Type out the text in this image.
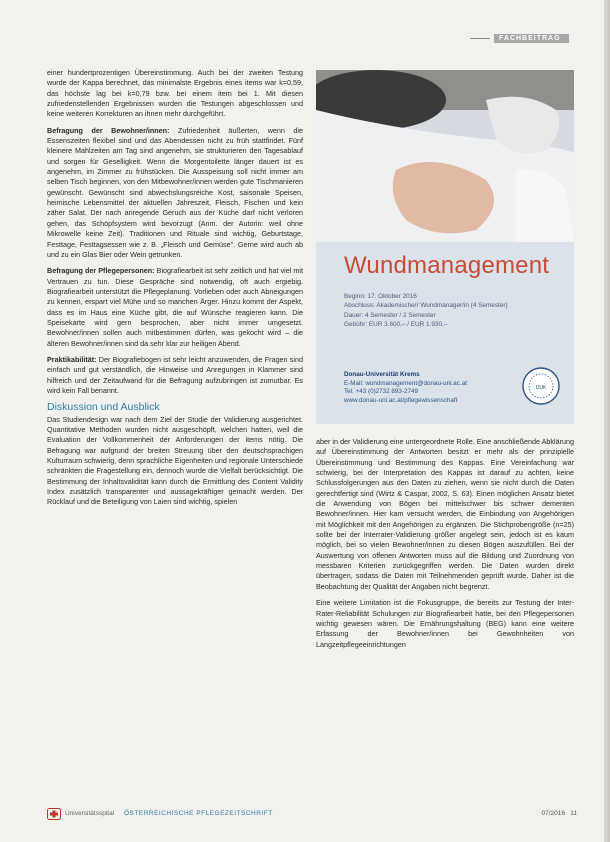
FACHBEITRAG

einer hundertprozentigen Übereinstimmung. Auch bei der zweiten Testung wurde der Kappa berechnet, das minimalste Ergebnis eines items war k=0,59, das höchste lag bei k=0,79 bzw. bei einem item bei 1. Mit diesen zufriedenstellenden Ergebnissen wurden die Testungen abgeschlossen und keine weiteren Korrekturen an ihnen mehr durchgeführt.

Befragung der Bewohner/innen: Zufriedenheit äußerten, wenn die Essenszeiten flexibel sind und das Abendessen nicht zu früh stattfindet. Fünf kleinere Mahlzeiten am Tag sind angenehm, sie strukturieren den Tagesablauf und sorgen für Geselligkeit. Wenn die Morgentoilette länger dauert ist es angenehm, im Zimmer zu frühstücken. Die Ausspeisung soll nicht immer am selben Tisch beginnen, von den Mitbewohner/innen werden gute Tischmanieren gewünscht. Gewünscht sind abwechslungsreiche Kost, saisonale Speisen, heimische Lebensmittel der aktuellen Jahreszeit, Fleisch, Fischen und kein zäher Salat. Der nach anregende Geruch aus der Küche darf nicht verloren gehen, das Schöpfsystem wird bevorzugt (Anm. der Autorin: weil ohne Mikrowelle keine Zeit). Traditionen und Rituale sind wichtig, Geburtstage, Festtage, Festtagsessen wie z. B. „Fleisch und Gemüse". Gerne wird auch ab und zu ein Glas Bier oder Wein getrunken.

Befragung der Pflegepersonen: Biografiearbeit ist sehr zeitlich und hat viel mit Vertrauen zu tun. Diese Gespräche sind notwendig, oft auch ergiebig. Biografiearbeit unterstützt die Pflegeplanung. Vorlieben oder auch Abneigungen zu kennen, erspart viel Mühe und so manchen Ärger. Hinzu kommt der Aspekt, dass es im Haus eine Küche gibt, die auf Wünsche reagieren kann. Die Speisekarte wird gern besprochen, aber nicht immer umgesetzt. Bewohner/innen sollen auch mitbestimmen dürfen, was gekocht wird – die älteren Bewohner/innen sind da sehr klar zur heiligen Abend.

Praktikabilität: Der Biografiebogen ist sehr leicht anzuwenden, die Fragen sind einfach und gut verständlich, die Hinweise und Anregungen in Klammer sind hilfreich und der Zeitaufwand für die Befragung aufzubringen ist zumutbar. Es wird kein Fall benannt.

Diskussion und Ausblick

Das Studiendesign war nach dem Ziel der Studie der Validierung ausgerichtet. Quantitative Methoden wurden nicht ausgeschöpft, welchen hatten, weil die Evaluation der Vollkommenheit der Anforderungen der items nötig. Die Befragung war aufgrund der breiten Streuung über den deutschsprachigen Kulturraum schwierig, denn sprachliche Eigenheiten und regionale Unterschiede schränkten die Fragestellung ein, dennoch wurde die Vielfalt berücksichtigt. Die Bestimmung der Inhaltsvalidität kann durch die Ermittlung des Content Validity Index zusätzlich transparenter und aussagekräftiger gemacht werden. Der Rücklauf und die Beteiligung von Laien sind wichtig, spielen

Wundmanagement
Beginn: 17. Oktober 2016
Abschluss: Akademische/r Wundmanager/in (4 Semester)
Dauer: 4 Semester / 2 Semester
Gebühr: EUR 3.600,– / EUR 1.930,–
Donau-Universität Krems
E-Mail: wundmanagement@donau-uni.ac.at
Tel. +43 (0)2732 893-2749
www.donau-uni.ac.at/pflegewissenschaft
DUK

aber in der Validierung eine untergeordnete Rolle. Eine anschließende Abklärung auf Übereinstimmung der Antworten besitzt er mehr als der prinzipielle Übereinstimmung und Bestimmung des Kappas. Eine Vereinfachung war schwierig, bei der Interpretation des Kappas ist darauf zu achten, keine Schlussfolgerungen aus den Daten zu ziehen, wenn sie nicht durch die Daten gerechtfertigt sind (Wirtz & Caspar, 2002, S. 63). Einen möglichen Ansatz bietet die Anwendung von Bögen bei mittelschwer bis schwer dementen Bewohner/innen. Hier kam versucht werden, die Einbindung von Angehörigen mit Möglichkeit mit den Angehörigen zu ergänzen. Die Stichprobengröße (n=25) sollte bei der Interrater-Validierung größer angelegt sein, jedoch ist es kaum möglich, bei so vielen Bewohner/innen zu diesen Bögen auszufüllen. Bei der Auswertung von offenen Antworten muss auf die Bildung und Zuordnung von messbaren Kriterien zurückgegriffen werden. Die Daten wurden direkt übertragen, sodass die Daten mit Teilnehmenden geprüft wurde. Daher ist die Beobachtung der Qualität der Angaben nicht begrenzt.

Eine weitere Limitation ist die Fokusgruppe, die bereits zur Testung der Inter-Rater-Reliabilität Schulungen zur Biografiearbeit hatte, bei den Pflegepersonen wichtig gewesen wären. Die Ernährungshaltung (BEG) kann eine weitere Erfassung der Bewohner/innen bei Gewohnheiten von Langzeitpflegeeinrichtungen

Universitätsspital ÖSTERREICHISCHE PFLEGEZEITSCHRIFT	07/2016 11
